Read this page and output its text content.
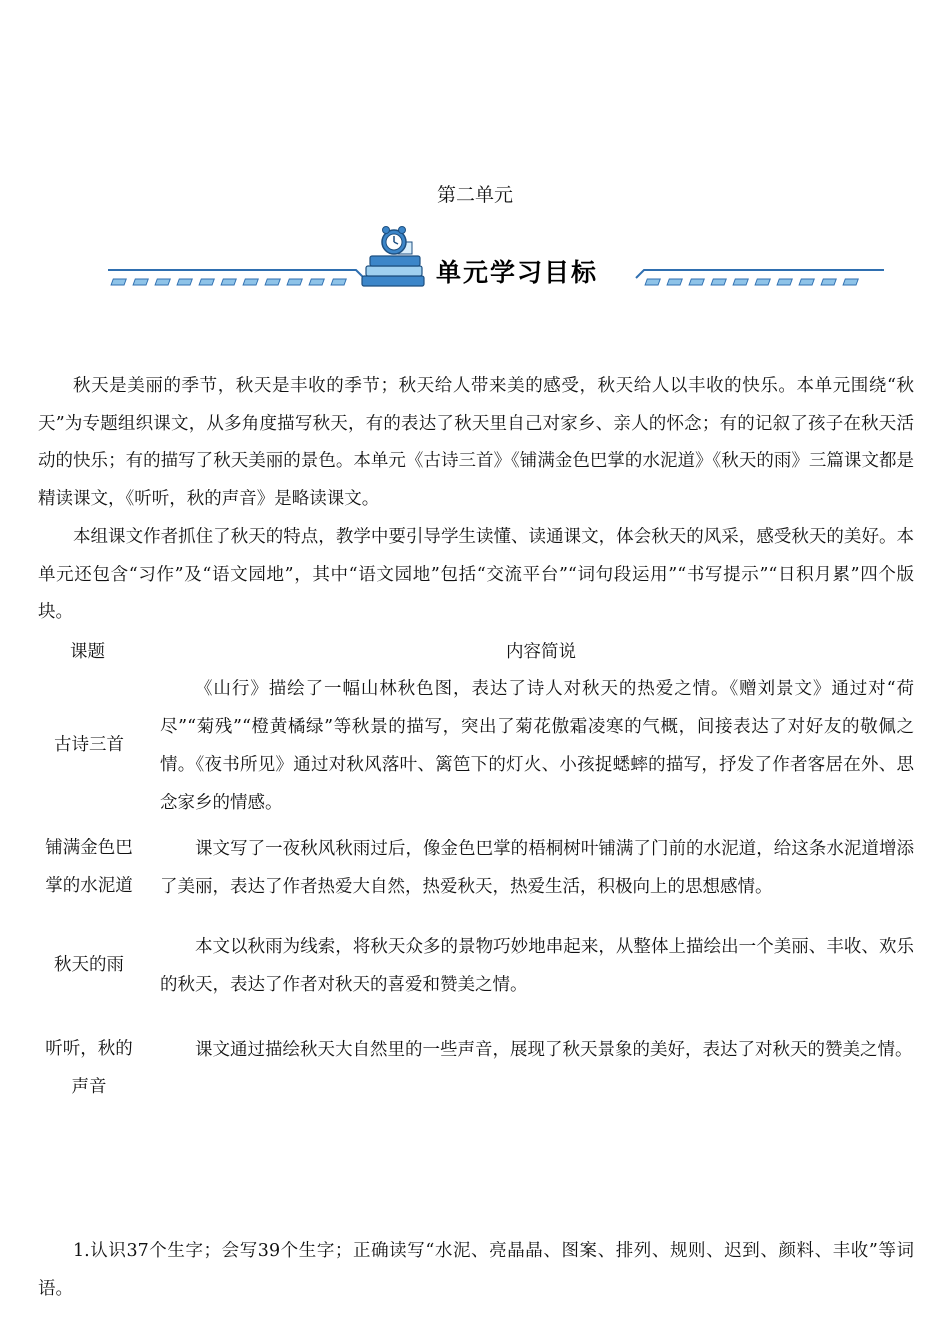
第二单元
单元学习目标

秋天是美丽的季节，秋天是丰收的季节；秋天给人带来美的感受，秋天给人以丰收的快乐。本单元围绕“秋天”为专题组织课文，从多角度描写秋天，有的表达了秋天里自己对家乡、亲人的怀念；有的记叙了孩子在秋天活动的快乐；有的描写了秋天美丽的景色。本单元《古诗三首》《铺满金色巴掌的水泥道》《秋天的雨》三篇课文都是精读课文，《听听，秋的声音》是略读课文。

本组课文作者抓住了秋天的特点，教学中要引导学生读懂、读通课文，体会秋天的风采，感受秋天的美好。本单元还包含“习作”及“语文园地”，其中“语文园地”包括“交流平台”“词句段运用”“书写提示”“日积月累”四个版块。

课题	内容简说
古诗三首

《山行》描绘了一幅山林秋色图，表达了诗人对秋天的热爱之情。《赠刘景文》通过对“荷尽”“菊残”“橙黄橘绿”等秋景的描写，突出了菊花傲霜凌寒的气概，间接表达了对好友的敬佩之情。《夜书所见》通过对秋风落叶、篱笆下的灯火、小孩捉蟋蟀的描写，抒发了作者客居在外、思念家乡的情感。

铺满金色巴掌的水泥道

课文写了一夜秋风秋雨过后，像金色巴掌的梧桐树叶铺满了门前的水泥道，给这条水泥道增添了美丽，表达了作者热爱大自然，热爱秋天，热爱生活，积极向上的思想感情。

秋天的雨

本文以秋雨为线索，将秋天众多的景物巧妙地串起来，从整体上描绘出一个美丽、丰收、欢乐的秋天，表达了作者对秋天的喜爱和赞美之情。

听听，秋的声音

课文通过描绘秋天大自然里的一些声音，展现了秋天景象的美好，表达了对秋天的赞美之情。

1.认识37个生字；会写39个生字；正确读写“水泥、亮晶晶、图案、排列、规则、迟到、颜料、丰收”等词语。
